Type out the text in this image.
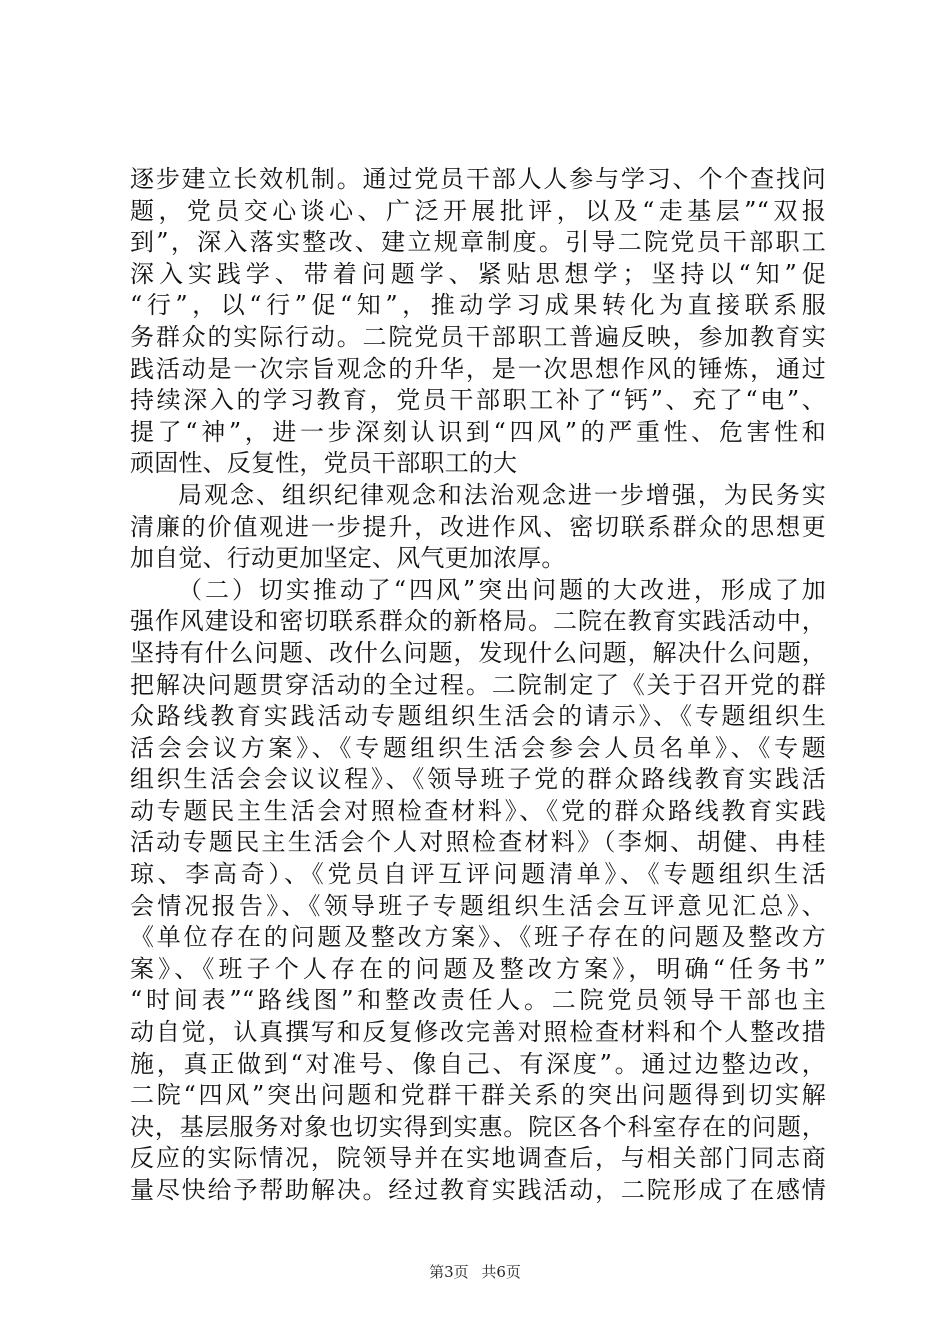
逐步建立长效机制。通过党员干部人人参与学习、个个查找问
题，党员交心谈心、广泛开展批评，以及“走基层”“双报
到”，深入落实整改、建立规章制度。引导二院党员干部职工
深入实践学、带着问题学、紧贴思想学；坚持以“知”促
“行”，以“行”促“知”，推动学习成果转化为直接联系服
务群众的实际行动。二院党员干部职工普遍反映，参加教育实
践活动是一次宗旨观念的升华，是一次思想作风的锤炼，通过
持续深入的学习教育，党员干部职工补了“钙”、充了“电”、
提了“神”，进一步深刻认识到“四风”的严重性、危害性和
顽固性、反复性，党员干部职工的大
局观念、组织纪律观念和法治观念进一步增强，为民务实
清廉的价值观进一步提升，改进作风、密切联系群众的思想更
加自觉、行动更加坚定、风气更加浓厚。
（二）切实推动了“四风”突出问题的大改进，形成了加
强作风建设和密切联系群众的新格局。二院在教育实践活动中，
坚持有什么问题、改什么问题，发现什么问题，解决什么问题，
把解决问题贯穿活动的全过程。二院制定了《关于召开党的群
众路线教育实践活动专题组织生活会的请示》、《专题组织生
活会会议方案》、《专题组织生活会参会人员名单》、《专题
组织生活会会议议程》、《领导班子党的群众路线教育实践活
动专题民主生活会对照检查材料》、《党的群众路线教育实践
活动专题民主生活会个人对照检查材料》（李炯、胡健、冉桂
琼、李高奇）、《党员自评互评问题清单》、《专题组织生活
会情况报告》、《领导班子专题组织生活会互评意见汇总》、
《单位存在的问题及整改方案》、《班子存在的问题及整改方
案》、《班子个人存在的问题及整改方案》，明确“任务书”
“时间表”“路线图”和整改责任人。二院党员领导干部也主
动自觉，认真撰写和反复修改完善对照检查材料和个人整改措
施，真正做到“对准号、像自己、有深度”。通过边整边改，
二院“四风”突出问题和党群干群关系的突出问题得到切实解
决，基层服务对象也切实得到实惠。院区各个科室存在的问题，
反应的实际情况，院领导并在实地调查后，与相关部门同志商
量尽快给予帮助解决。经过教育实践活动，二院形成了在感情
第3页 共6页
